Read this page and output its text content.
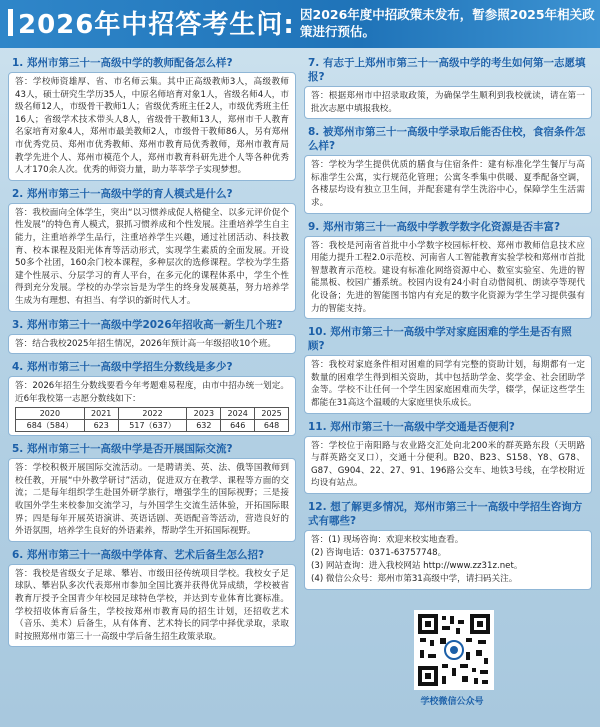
2026年中招答考生问: 因2026年度中招政策未发布，暂参照2025年相关政策进行预估。
1. 郑州市第三十一高级中学的教师配备怎么样?
答：学校师资雄厚、省、市名师云集。其中正高级教师3人，高级教师43人，硕士研究生学历35人，中原名师培育对象1人，省级名师4人，市级名师12人，市级骨干教师1人；省级优秀班主任2人，市级优秀班主任16人；省级学术技术带头人8人，省级骨干教师13人，郑州市千人教育名家培育对象4人，郑州市最美教师2人，市级骨干教师86人，另有郑州市优秀党员、郑州市优秀教师、郑州市教育局优秀教师，郑州市教育局教学先进个人、郑州市模范个人，郑州市教育科研先进个人等各种优秀人才170余人次。优秀的师资力量，助力莘莘学子实现梦想。
2. 郑州市第三十一高级中学的育人模式是什么?
答：我校面向全体学生，突出“以习惯养成促人格健全、以多元评价促个性发展”的特色育人模式，狠抓习惯养成和个性发展。注重培养学生自主能力，注重培养学生品行，注重培养学生兴趣，通过社团活动、科技教育、校本课程及阳光体育等活动形式，实现学生素质的全面发展。开设50多个社团，160余门校本课程，多种层次的选修课程。学校为学生搭建个性展示、分层学习的育人平台，在多元化的课程体系中，学生个性得到充分发展。学校的办学宗旨是为学生的终身发展奠基，努力培养学生成为有理想、有担当、有学识的新时代人才。
3. 郑州市第三十一高级中学2026年招收高一新生几个班?
答：结合我校2025年招生情况，2026年预计高一年级招收10个班。
4. 郑州市第三十一高级中学招生分数线是多少?
答：2026年招生分数线要看今年考题难易程度，由市中招办统一划定。近6年我校第一志愿分数线如下：
2020	2021	2022	2023	2024	2025
684（584）	623	517（637）	632	646	648
5. 郑州市第三十一高级中学是否开展国际交流?
答：学校积极开展国际交流活动。一是聘请美、英、法、俄等国教师到校任教，开展“中外教学研讨”活动，促进双方在教学、课程等方面的交流；二是每年组织学生赴国外研学旅行，增强学生的国际视野；三是接收国外学生来校参加交流学习，与外国学生交流生活体验，开拓国际眼界；四是每年开展英语演讲、英语话剧、英语配音等活动，营造良好的外语氛围，培养学生良好的外语素养，帮助学生开拓国际视野。
6. 郑州市第三十一高级中学体育、艺术后备生怎么招?
答：我校是省级女子足球、攀岩、市级田径传统项目学校。我校女子足球队、攀岩队多次代表郑州市参加全国比赛并获得优异成绩，学校被省教育厅授予全国青少年校园足球特色学校，并达到专业体育比赛标准。学校招收体育后备生，学校按郑州市教育局的招生计划，还招收艺术（音乐、美术）后备生，从有体育、艺术特长的同学中择优录取，录取时按照郑州市第三十一高级中学后备生招生政策录取。
7. 有志于上郑州市第三十一高级中学的考生如何第一志愿填报?
答：根据郑州市中招录取政策，为确保学生顺利到我校就读，请在第一批次志愿中填报我校。
8. 被郑州市第三十一高级中学录取后能否住校，食宿条件怎么样?
答：学校为学生提供优质的膳食与住宿条件：建有标准化学生餐厅与高标准学生公寓，实行规范化管理；公寓冬季集中供暖、夏季配备空调，各楼层均设有独立卫生间，并配套建有学生洗浴中心，保障学生生活需求。
9. 郑州市第三十一高级中学教学数字化资源是否丰富?
答：我校是河南省首批中小学数字校园标杆校、郑州市教师信息技术应用能力提升工程2.0示范校、河南省人工智能教育实验学校和郑州市首批智慧教育示范校。建设有标准化网络资源中心、数室实验室、先进的智能黑板、校园广播系统。校园内设有24小时自动借阅机、朗读亭等现代化设备；先进的智能图书馆内有充足的数字化资源为学生学习提供强有力的智能支持。
10. 郑州市第三十一高级中学对家庭困难的学生是否有照顾?
答：我校对家庭条件相对困难的同学有完整的资助计划，每期都有一定数量的困难学生得到相关资助，其中包括助学金、奖学金、社会团助学金等。学校不让任何一个学生因家庭困难而失学，辍学，保证这些学生都能在31高这个温暖的大家庭里快乐成长。
11. 郑州市第三十一高级中学交通是否便利?
答：学校位于南阳路与农业路交汇处向北200米的群英路东段（天明路与群英路交叉口），交通十分便利。B20、B23、S158、Y8、G78、G87、G904、22、27、91、196路公交车、地铁3号线，在学校附近均设有站点。
12. 想了解更多情况，郑州市第三十一高级中学招生咨询方式有哪些?
答：(1) 现场咨询：欢迎来校实地查看。
(2) 咨询电话：0371-63757748。
(3) 网站查询：进入我校网站 http://www.zz31z.net。
(4) 微信公众号：郑州市第31高级中学，请扫码关注。
学校微信公众号
